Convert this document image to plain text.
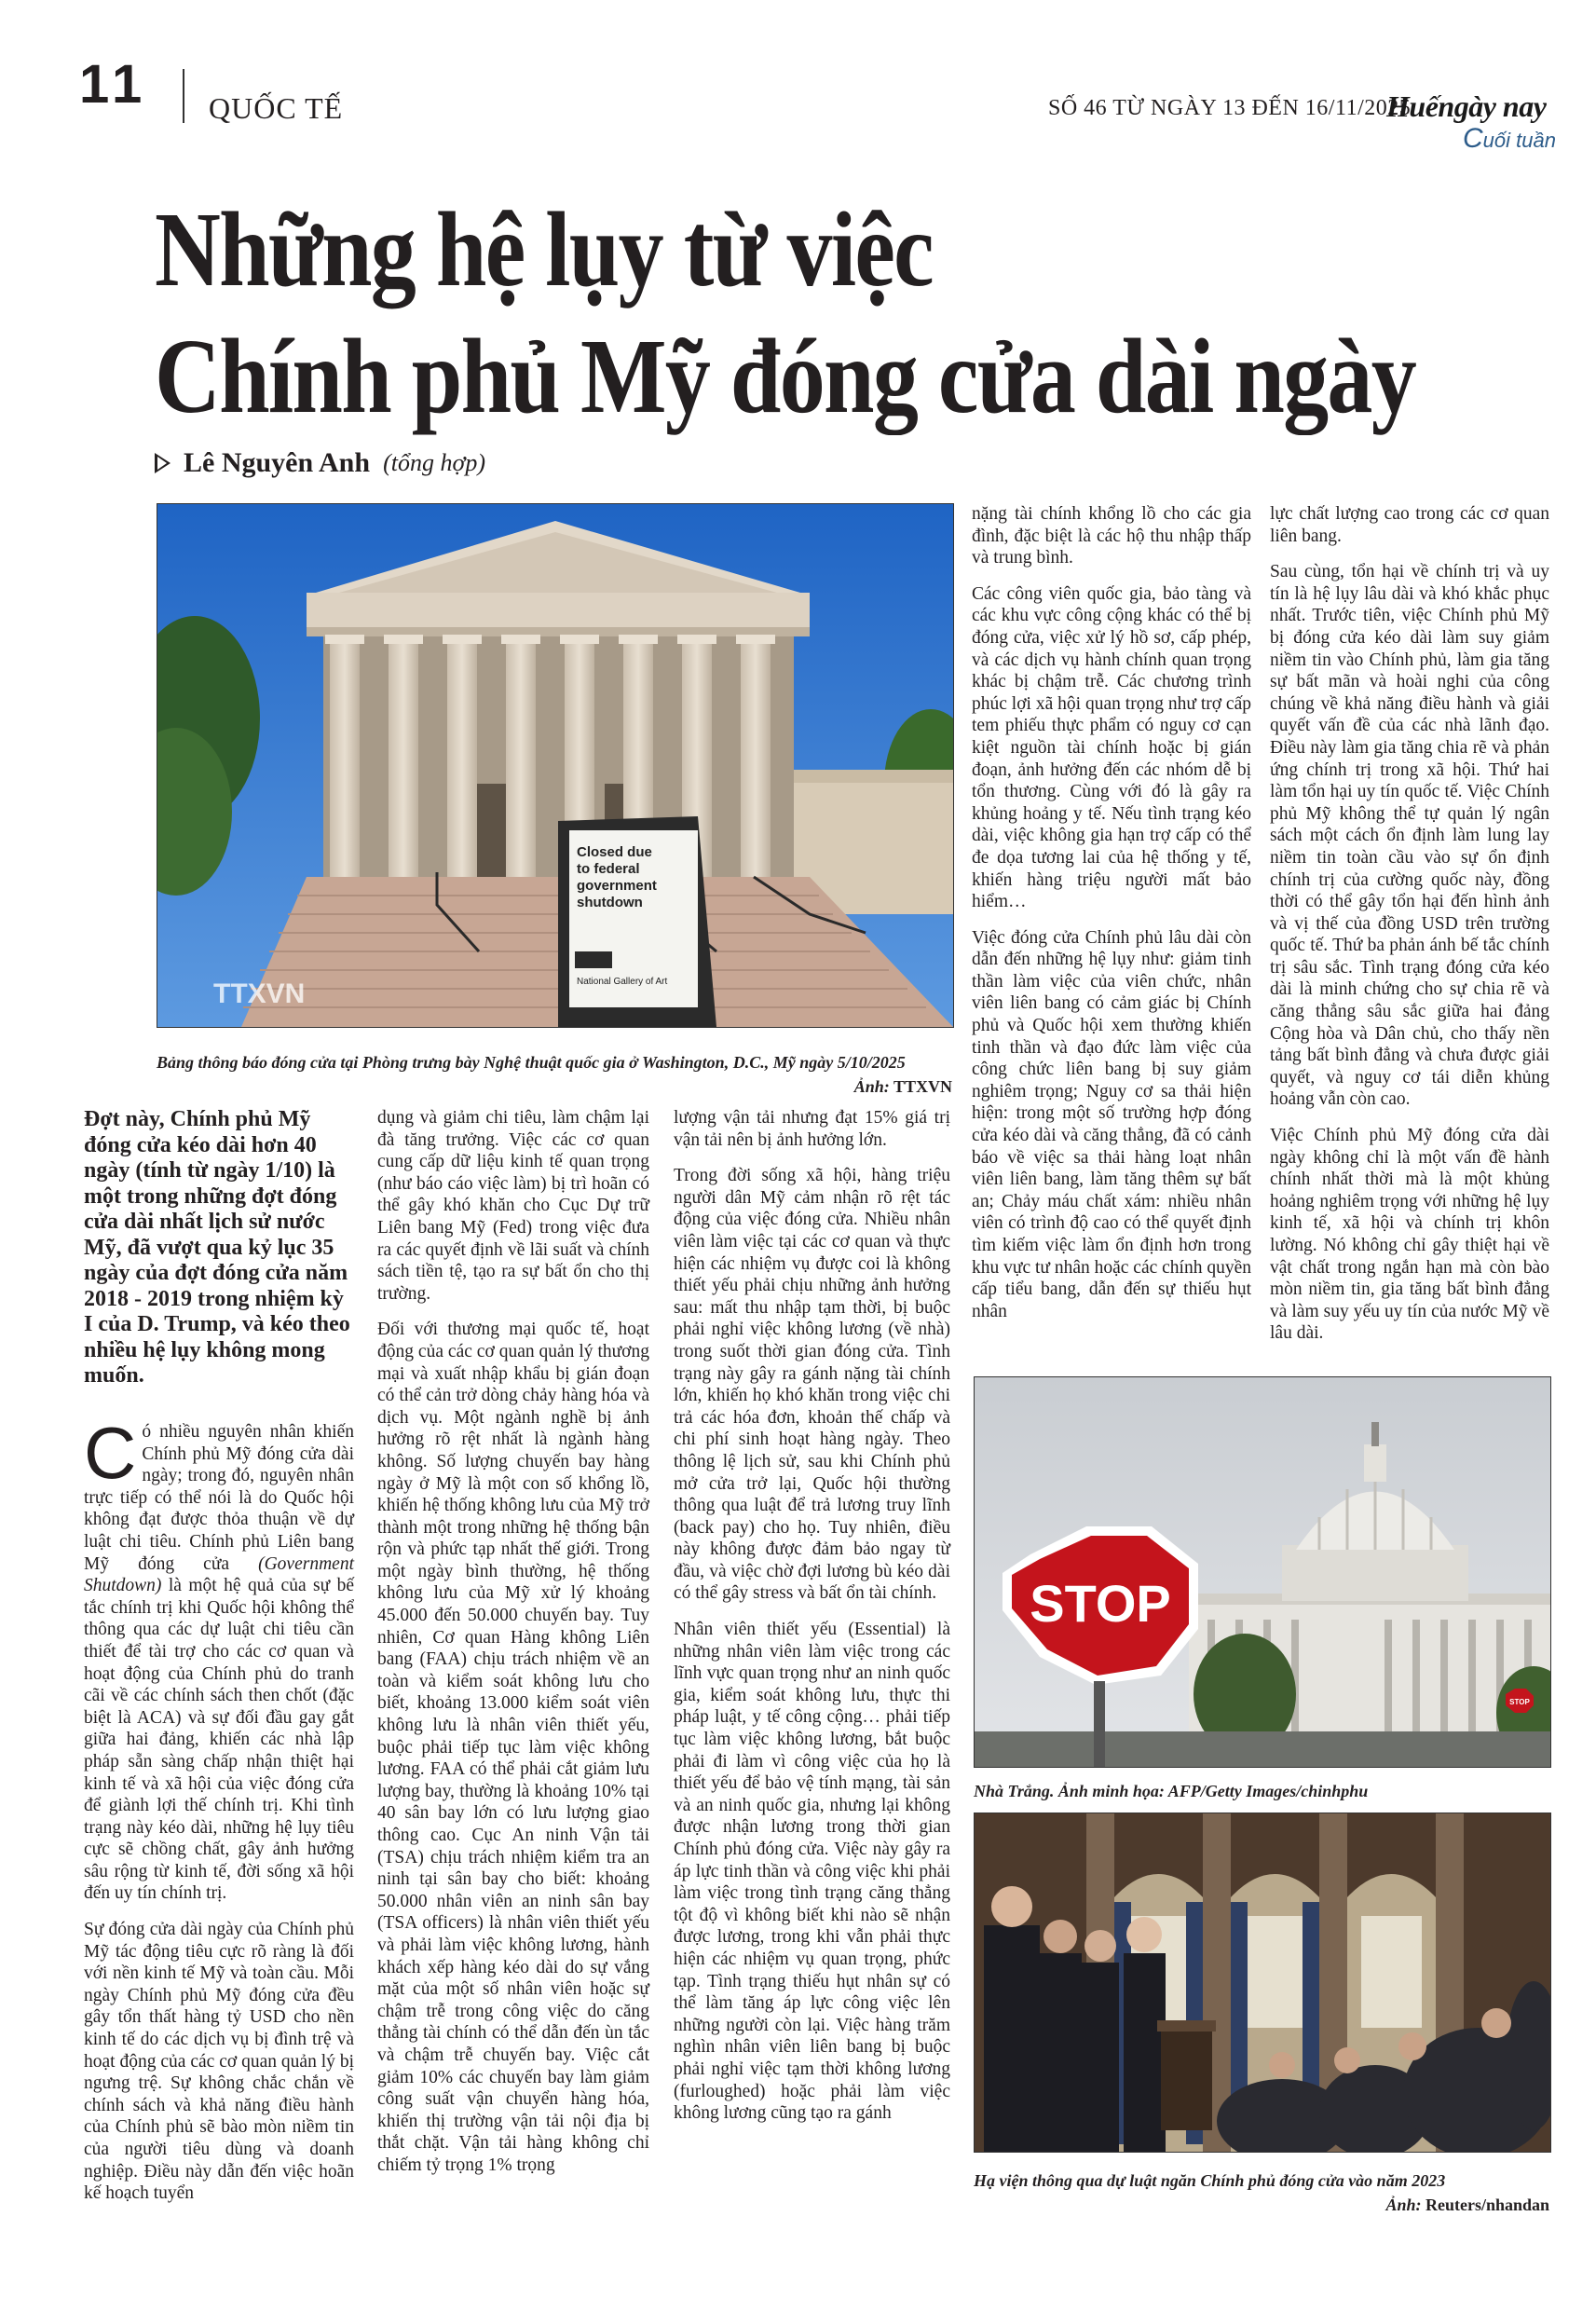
11 QUỐC TẾ	SỐ 46 TỪ NGÀY 13 ĐẾN 16/11/2025
Huếngày nay
Cuối tuần
Những hệ lụy từ việc
Chính phủ Mỹ đóng cửa dài ngày
Lê Nguyên Anh (tổng hợp)
Closed due
to federal
government
shutdown
National Gallery of Art
TTXVN
Bảng thông báo đóng cửa tại Phòng trưng bày Nghệ thuật quốc gia ở Washington, D.C., Mỹ ngày 5/10/2025
Ảnh: TTXVN
Đợt này, Chính phủ Mỹ đóng cửa kéo dài hơn 40 ngày (tính từ ngày 1/10) là một trong những đợt đóng cửa dài nhất lịch sử nước Mỹ, đã vượt qua kỷ lục 35 ngày của đợt đóng cửa năm 2018 - 2019 trong nhiệm kỳ I của D. Trump, và kéo theo nhiều hệ lụy không mong muốn.

Có nhiều nguyên nhân khiến Chính phủ Mỹ đóng cửa dài ngày; trong đó, nguyên nhân trực tiếp có thể nói là do Quốc hội không đạt được thỏa thuận về dự luật chi tiêu. Chính phủ Liên bang Mỹ đóng cửa (Government Shutdown) là một hệ quả của sự bế tắc chính trị khi Quốc hội không thể thông qua các dự luật chi tiêu cần thiết để tài trợ cho các cơ quan và hoạt động của Chính phủ do tranh cãi về các chính sách then chốt (đặc biệt là ACA) và sự đối đầu gay gắt giữa hai đảng, khiến các nhà lập pháp sẵn sàng chấp nhận thiệt hại kinh tế và xã hội của việc đóng cửa để giành lợi thế chính trị. Khi tình trạng này kéo dài, những hệ lụy tiêu cực sẽ chồng chất, gây ảnh hưởng sâu rộng từ kinh tế, đời sống xã hội đến uy tín chính trị.

Sự đóng cửa dài ngày của Chính phủ Mỹ tác động tiêu cực rõ ràng là đối với nền kinh tế Mỹ và toàn cầu. Mỗi ngày Chính phủ Mỹ đóng cửa đều gây tổn thất hàng tỷ USD cho nền kinh tế do các dịch vụ bị đình trệ và hoạt động của các cơ quan quản lý bị ngưng trệ. Sự không chắc chắn về chính sách và khả năng điều hành của Chính phủ sẽ bào mòn niềm tin của người tiêu dùng và doanh nghiệp. Điều này dẫn đến việc hoãn kế hoạch tuyển

dụng và giảm chi tiêu, làm chậm lại đà tăng trưởng. Việc các cơ quan cung cấp dữ liệu kinh tế quan trọng (như báo cáo việc làm) bị trì hoãn có thể gây khó khăn cho Cục Dự trữ Liên bang Mỹ (Fed) trong việc đưa ra các quyết định về lãi suất và chính sách tiền tệ, tạo ra sự bất ổn cho thị trường.

Đối với thương mại quốc tế, hoạt động của các cơ quan quản lý thương mại và xuất nhập khẩu bị gián đoạn có thể cản trở dòng chảy hàng hóa và dịch vụ. Một ngành nghề bị ảnh hưởng rõ rệt nhất là ngành hàng không. Số lượng chuyến bay hàng ngày ở Mỹ là một con số khổng lồ, khiến hệ thống không lưu của Mỹ trở thành một trong những hệ thống bận rộn và phức tạp nhất thế giới. Trong một ngày bình thường, hệ thống không lưu của Mỹ xử lý khoảng 45.000 đến 50.000 chuyến bay. Tuy nhiên, Cơ quan Hàng không Liên bang (FAA) chịu trách nhiệm về an toàn và kiểm soát không lưu cho biết, khoảng 13.000 kiểm soát viên không lưu là nhân viên thiết yếu, buộc phải tiếp tục làm việc không lương. FAA có thể phải cắt giảm lưu lượng bay, thường là khoảng 10% tại 40 sân bay lớn có lưu lượng giao thông cao. Cục An ninh Vận tải (TSA) chịu trách nhiệm kiểm tra an ninh tại sân bay cho biết: khoảng 50.000 nhân viên an ninh sân bay (TSA officers) là nhân viên thiết yếu và phải làm việc không lương, hành khách xếp hàng kéo dài do sự vắng mặt của một số nhân viên hoặc sự chậm trễ trong công việc do căng thẳng tài chính có thể dẫn đến ùn tắc và chậm trễ chuyến bay. Việc cắt giảm 10% các chuyến bay làm giảm công suất vận chuyển hàng hóa, khiến thị trường vận tải nội địa bị thắt chặt. Vận tải hàng không chỉ chiếm tỷ trọng 1% trọng

lượng vận tải nhưng đạt 15% giá trị vận tải nên bị ảnh hưởng lớn.

Trong đời sống xã hội, hàng triệu người dân Mỹ cảm nhận rõ rệt tác động của việc đóng cửa. Nhiều nhân viên làm việc tại các cơ quan và thực hiện các nhiệm vụ được coi là không thiết yếu phải chịu những ảnh hưởng sau: mất thu nhập tạm thời, bị buộc phải nghỉ việc không lương (về nhà) trong suốt thời gian đóng cửa. Tình trạng này gây ra gánh nặng tài chính lớn, khiến họ khó khăn trong việc chi trả các hóa đơn, khoản thế chấp và chi phí sinh hoạt hàng ngày. Theo thông lệ lịch sử, sau khi Chính phủ mở cửa trở lại, Quốc hội thường thông qua luật để trả lương truy lĩnh (back pay) cho họ. Tuy nhiên, điều này không được đảm bảo ngay từ đầu, và việc chờ đợi lương bù kéo dài có thể gây stress và bất ổn tài chính.

Nhân viên thiết yếu (Essential) là những nhân viên làm việc trong các lĩnh vực quan trọng như an ninh quốc gia, kiểm soát không lưu, thực thi pháp luật, y tế công cộng… phải tiếp tục làm việc không lương, bắt buộc phải đi làm vì công việc của họ là thiết yếu để bảo vệ tính mạng, tài sản và an ninh quốc gia, nhưng lại không được nhận lương trong thời gian Chính phủ đóng cửa. Việc này gây ra áp lực tinh thần và công việc khi phải làm việc trong tình trạng căng thẳng tột độ vì không biết khi nào sẽ nhận được lương, trong khi vẫn phải thực hiện các nhiệm vụ quan trọng, phức tạp. Tình trạng thiếu hụt nhân sự có thể làm tăng áp lực công việc lên những người còn lại. Việc hàng trăm nghìn nhân viên liên bang bị buộc phải nghỉ việc tạm thời không lương (furloughed) hoặc phải làm việc không lương cũng tạo ra gánh

nặng tài chính khổng lồ cho các gia đình, đặc biệt là các hộ thu nhập thấp và trung bình.

Các công viên quốc gia, bảo tàng và các khu vực công cộng khác có thể bị đóng cửa, việc xử lý hồ sơ, cấp phép, và các dịch vụ hành chính quan trọng khác bị chậm trễ. Các chương trình phúc lợi xã hội quan trọng như trợ cấp tem phiếu thực phẩm có nguy cơ cạn kiệt nguồn tài chính hoặc bị gián đoạn, ảnh hưởng đến các nhóm dễ bị tổn thương. Cùng với đó là gây ra khủng hoảng y tế. Nếu tình trạng kéo dài, việc không gia hạn trợ cấp có thể đe dọa tương lai của hệ thống y tế, khiến hàng triệu người mất bảo hiểm…

Việc đóng cửa Chính phủ lâu dài còn dẫn đến những hệ lụy như: giảm tinh thần làm việc của viên chức, nhân viên liên bang có cảm giác bị Chính phủ và Quốc hội xem thường khiến tinh thần và đạo đức làm việc của công chức liên bang bị suy giảm nghiêm trọng; Nguy cơ sa thải hiện hiện: trong một số trường hợp đóng cửa kéo dài và căng thẳng, đã có cảnh báo về việc sa thải hàng loạt nhân viên liên bang, làm tăng thêm sự bất an; Chảy máu chất xám: nhiều nhân viên có trình độ cao có thể quyết định tìm kiếm việc làm ổn định hơn trong khu vực tư nhân hoặc các chính quyền cấp tiểu bang, dẫn đến sự thiếu hụt nhân

lực chất lượng cao trong các cơ quan liên bang.

Sau cùng, tổn hại về chính trị và uy tín là hệ lụy lâu dài và khó khắc phục nhất. Trước tiên, việc Chính phủ Mỹ bị đóng cửa kéo dài làm suy giảm niềm tin vào Chính phủ, làm gia tăng sự bất mãn và hoài nghi của công chúng về khả năng điều hành và giải quyết vấn đề của các nhà lãnh đạo. Điều này làm gia tăng chia rẽ và phản ứng chính trị trong xã hội. Thứ hai làm tổn hại uy tín quốc tế. Việc Chính phủ Mỹ không thể tự quản lý ngân sách một cách ổn định làm lung lay niềm tin toàn cầu vào sự ổn định chính trị của cường quốc này, đồng thời có thể gây tổn hại đến hình ảnh và vị thế của đồng USD trên trường quốc tế. Thứ ba phản ánh bế tắc chính trị sâu sắc. Tình trạng đóng cửa kéo dài là minh chứng cho sự chia rẽ và căng thẳng sâu sắc giữa hai đảng Cộng hòa và Dân chủ, cho thấy nền tảng bất bình đẳng và chưa được giải quyết, và nguy cơ tái diễn khủng hoảng vẫn còn cao.

Việc Chính phủ Mỹ đóng cửa dài ngày không chỉ là một vấn đề hành chính nhất thời mà là một khủng hoảng nghiêm trọng với những hệ lụy kinh tế, xã hội và chính trị khôn lường. Nó không chỉ gây thiệt hại về vật chất trong ngắn hạn mà còn bào mòn niềm tin, gia tăng bất bình đẳng và làm suy yếu uy tín của nước Mỹ về lâu dài.

STOP
STOP
Nhà Trắng. Ảnh minh họa: AFP/Getty Images/chinhphu
Hạ viện thông qua dự luật ngăn Chính phủ đóng cửa vào năm 2023
Ảnh: Reuters/nhandan
